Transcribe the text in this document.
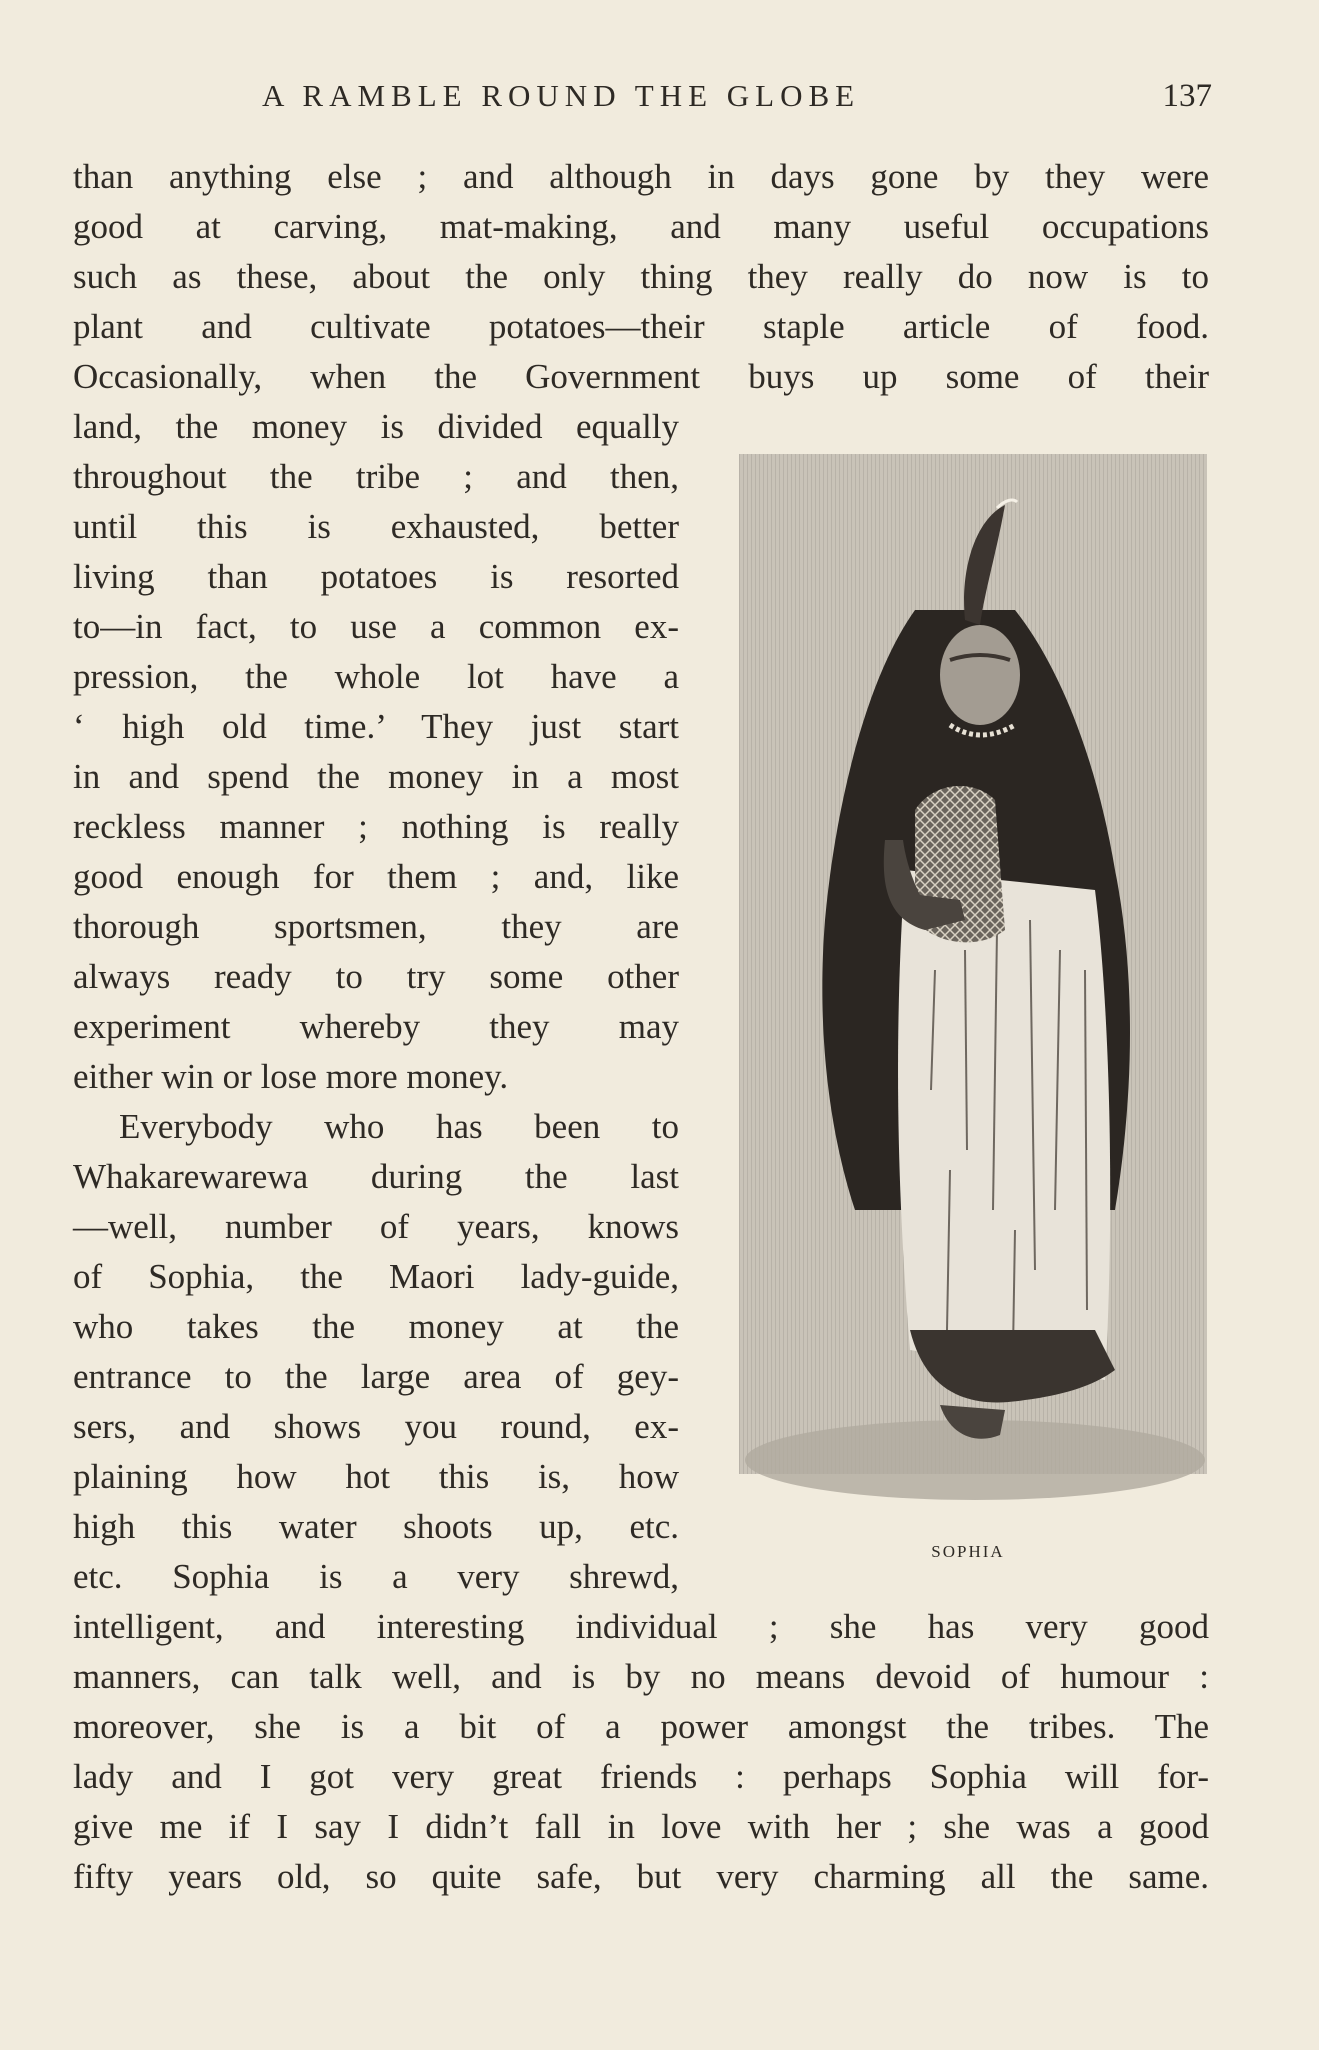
A RAMBLE ROUND THE GLOBE	137
than anything else ; and although in days gone by they were
good at carving, mat-making, and many useful occupations
such as these, about the only thing they really do now is to
plant and cultivate potatoes—their staple article of food.
Occasionally, when the Government buys up some of their
land, the money is divided equally
throughout the tribe ; and then,
until this is exhausted, better
living than potatoes is resorted
to—in fact, to use a common ex-
pression, the whole lot have a
‘ high old time.’ They just start
in and spend the money in a most
reckless manner ; nothing is really
good enough for them ; and, like
thorough sportsmen, they are
always ready to try some other
experiment whereby they may
either win or lose more money.
Everybody who has been to
Whakarewarewa during the last
—well, number of years, knows
of Sophia, the Maori lady-guide,
who takes the money at the
entrance to the large area of gey-
sers, and shows you round, ex-
plaining how hot this is, how
high this water shoots up, etc.
etc. Sophia is a very shrewd,
intelligent, and interesting individual ; she has very good
manners, can talk well, and is by no means devoid of humour :
moreover, she is a bit of a power amongst the tribes. The
lady and I got very great friends : perhaps Sophia will for-
give me if I say I didn’t fall in love with her ; she was a good
fifty years old, so quite safe, but very charming all the same.
SOPHIA
